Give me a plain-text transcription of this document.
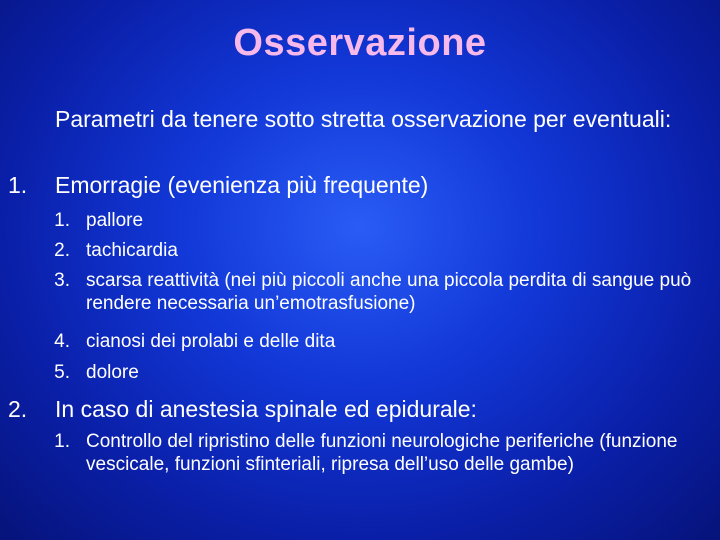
Osservazione
Parametri da tenere sotto stretta osservazione per eventuali:
1.	Emorragie (evenienza più frequente)
1. pallore
2. tachicardia
3. scarsa reattività (nei più piccoli anche una piccola perdita di sangue può rendere necessaria un’emotrasfusione)
4. cianosi dei prolabi e delle dita
5. dolore
2.	In caso di anestesia spinale ed epidurale:
1. Controllo del ripristino delle funzioni neurologiche periferiche (funzione vescicale, funzioni sfinteriali, ripresa dell’uso delle gambe)
